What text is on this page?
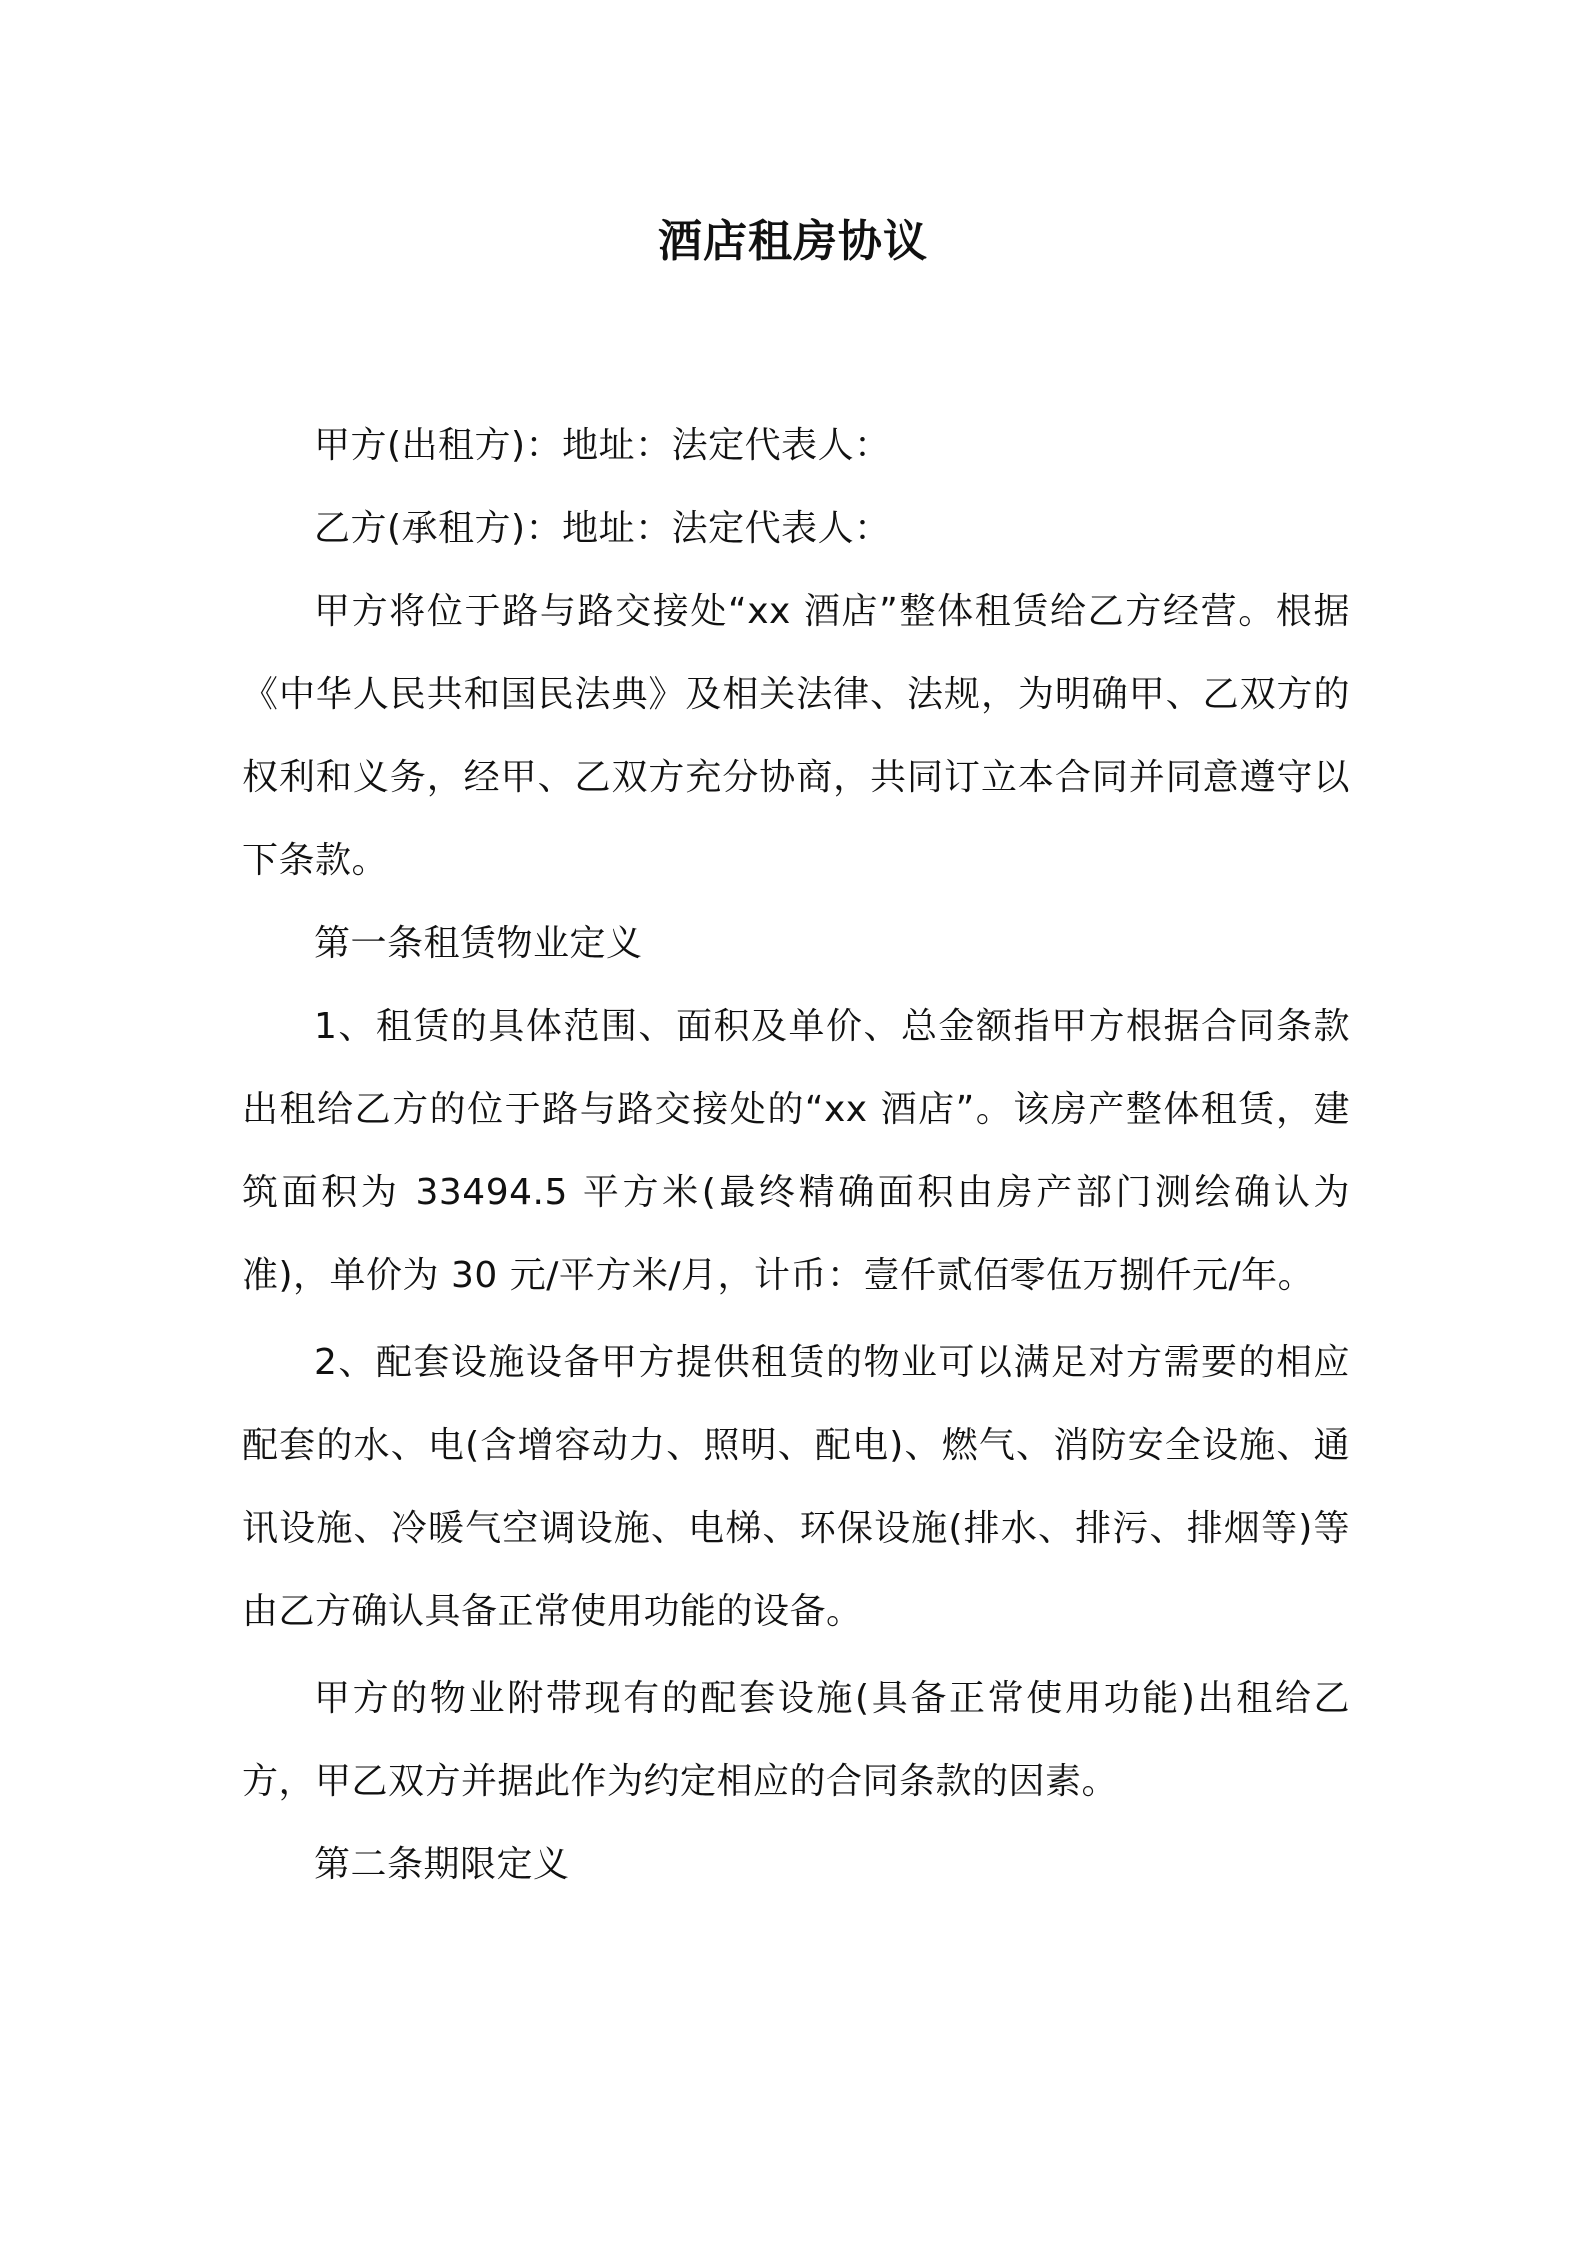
酒店租房协议

甲方(出租方)：地址：法定代表人：

乙方(承租方)：地址：法定代表人：

甲方将位于路与路交接处“xx 酒店”整体租赁给乙方经营。根据《中华人民共和国民法典》及相关法律、法规，为明确甲、乙双方的权利和义务，经甲、乙双方充分协商，共同订立本合同并同意遵守以下条款。

第一条租赁物业定义

1、租赁的具体范围、面积及单价、总金额指甲方根据合同条款出租给乙方的位于路与路交接处的“xx 酒店”。该房产整体租赁，建筑面积为 33494.5 平方米(最终精确面积由房产部门测绘确认为准)，单价为 30 元/平方米/月，计币：壹仟贰佰零伍万捌仟元/年。

2、配套设施设备甲方提供租赁的物业可以满足对方需要的相应配套的水、电(含增容动力、照明、配电)、燃气、消防安全设施、通讯设施、冷暖气空调设施、电梯、环保设施(排水、排污、排烟等)等由乙方确认具备正常使用功能的设备。

甲方的物业附带现有的配套设施(具备正常使用功能)出租给乙方，甲乙双方并据此作为约定相应的合同条款的因素。

第二条期限定义
